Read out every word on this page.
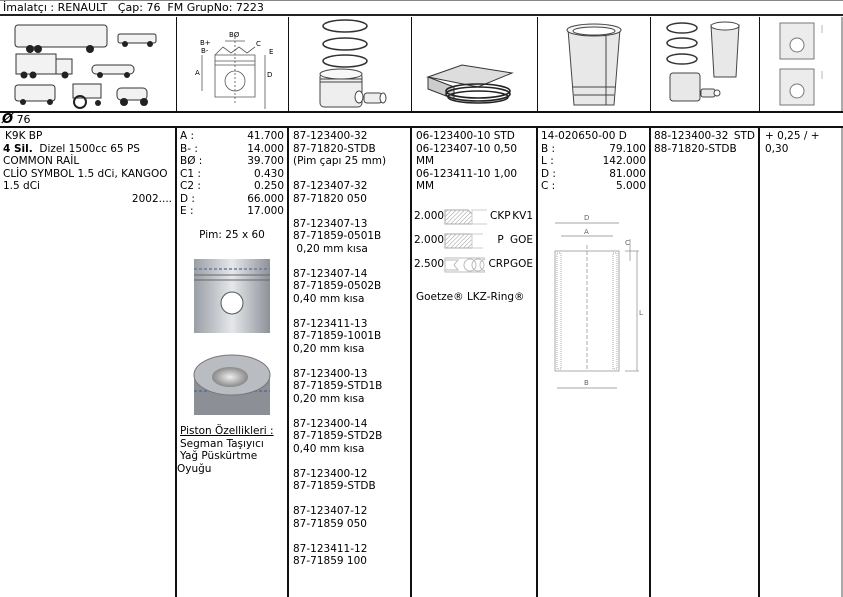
İmalatçı : RENAULT   Çap: 76  FM GrupNo: 7223
BØ
B+
B-
C
E
A	D
Ø 76
K9K BP
4 Sil. Dizel 1500cc 65 PS
COMMON RAİL
CLİO SYMBOL 1.5 dCi, KANGOO
1.5 dCi
2002....
A :	41.700
B- :	14.000
BØ :	39.700
C1 :	0.430
C2 :	0.250
D :	66.000
E :	17.000
Pim: 25 x 60
Piston Özellikleri :
Segman Taşıyıcı
Yağ Püskürtme
Oyuğu
87-123400-32
87-71820-STDB
(Pim çapı 25 mm)
87-123407-32
87-71820 050
87-123407-13
87-71859-0501B
0,20 mm kısa
87-123407-14
87-71859-0502B
0,40 mm kısa
87-123411-13
87-71859-1001B
0,20 mm kısa
87-123400-13
87-71859-STD1B
0,20 mm kısa
87-123400-14
87-71859-STD2B
0,40 mm kısa
87-123400-12
87-71859-STDB
87-123407-12
87-71859 050
87-123411-12
87-71859 100
06-123400-10 STD
06-123407-10 0,50 MM
06-123411-10 1,00 MM
2.000	CKP KV1
2.000	P GOE
2.500	CRP GOE
Goetze® LKZ-Ring®
14-020650-00 D
B :	79.100
L :	142.000
D :	81.000
C :	5.000
D
A
C
L
B
88-123400-32 STD
88-71820-STDB
+ 0,25 / + 0,30
